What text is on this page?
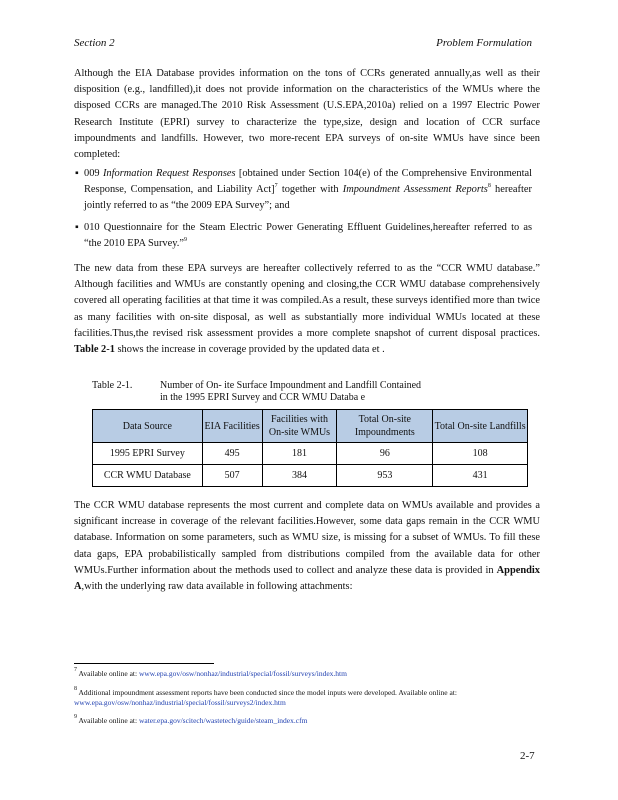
Section 2	Problem Formulation

Although the EIA Database provides information on the tons of CCRs generated annually,as well as their disposition (e.g., landfilled),it does not provide information on the characteristics of the WMUs where the disposed CCRs are managed.The 2010 Risk Assessment (U.S.EPA,2010a) relied on a 1997 Electric Power Research Institute (EPRI) survey to characterize the type,size, design and location of CCR surface impoundments and landfills. However, two more-recent EPA surveys of on-site WMUs have since been completed:

▪ 009 Information Request Responses [obtained under Section 104(e) of the Comprehensive Environmental Response, Compensation, and Liability Act]$^7$ together with Impoundment Assessment Reports$^8$ hereafter jointly referred to as “the 2009 EPA Survey”; and
▪ 010 Questionnaire for the Steam Electric Power Generating Effluent Guidelines,hereafter referred to as “the 2010 EPA Survey.”$^9$

The new data from these EPA surveys are hereafter collectively referred to as the “CCR WMU database.” Although facilities and WMUs are constantly opening and closing,the CCR WMU database comprehensively covered all operating facilities at that time it was compiled.As a result, these surveys identified more than twice as many facilities with on-site disposal, as well as substantially more individual WMUs located at these facilities.Thus,the revised risk assessment provides a more complete snapshot of current disposal practices. Table 2-1 shows the increase in coverage provided by the updated data et .

Table 2-1.	Number of On- ite Surface Impoundment and Landfill Contained
in the 1995 EPRI Survey and CCR WMU Databa e
Data Source	EIA Facilities	Facilities with On-site WMUs	Total On-site Impoundments	Total On-site Landfills
1995 EPRI Survey	495	181	96	108
CCR WMU Database	507	384	953	431

The CCR WMU database represents the most current and complete data on WMUs available and provides a significant increase in coverage of the relevant facilities.However, some data gaps remain in the CCR WMU database. Information on some parameters, such as WMU size, is missing for a subset of WMUs. To fill these data gaps, EPA probabilistically sampled from distributions compiled from the available data for other WMUs.Further information about the methods used to collect and analyze these data is provided in Appendix A,with the underlying raw data available in following attachments:

$^7$ Available online at: www.epa.gov/osw/nonhaz/industrial/special/fossil/surveys/index.htm
$^8$ Additional impoundment assessment reports have been conducted since the model inputs were developed. Available online at: www.epa.gov/osw/nonhaz/industrial/special/fossil/surveys2/index.htm
$^9$ Available online at: water.epa.gov/scitech/wastetech/guide/steam_index.cfm
2-7
